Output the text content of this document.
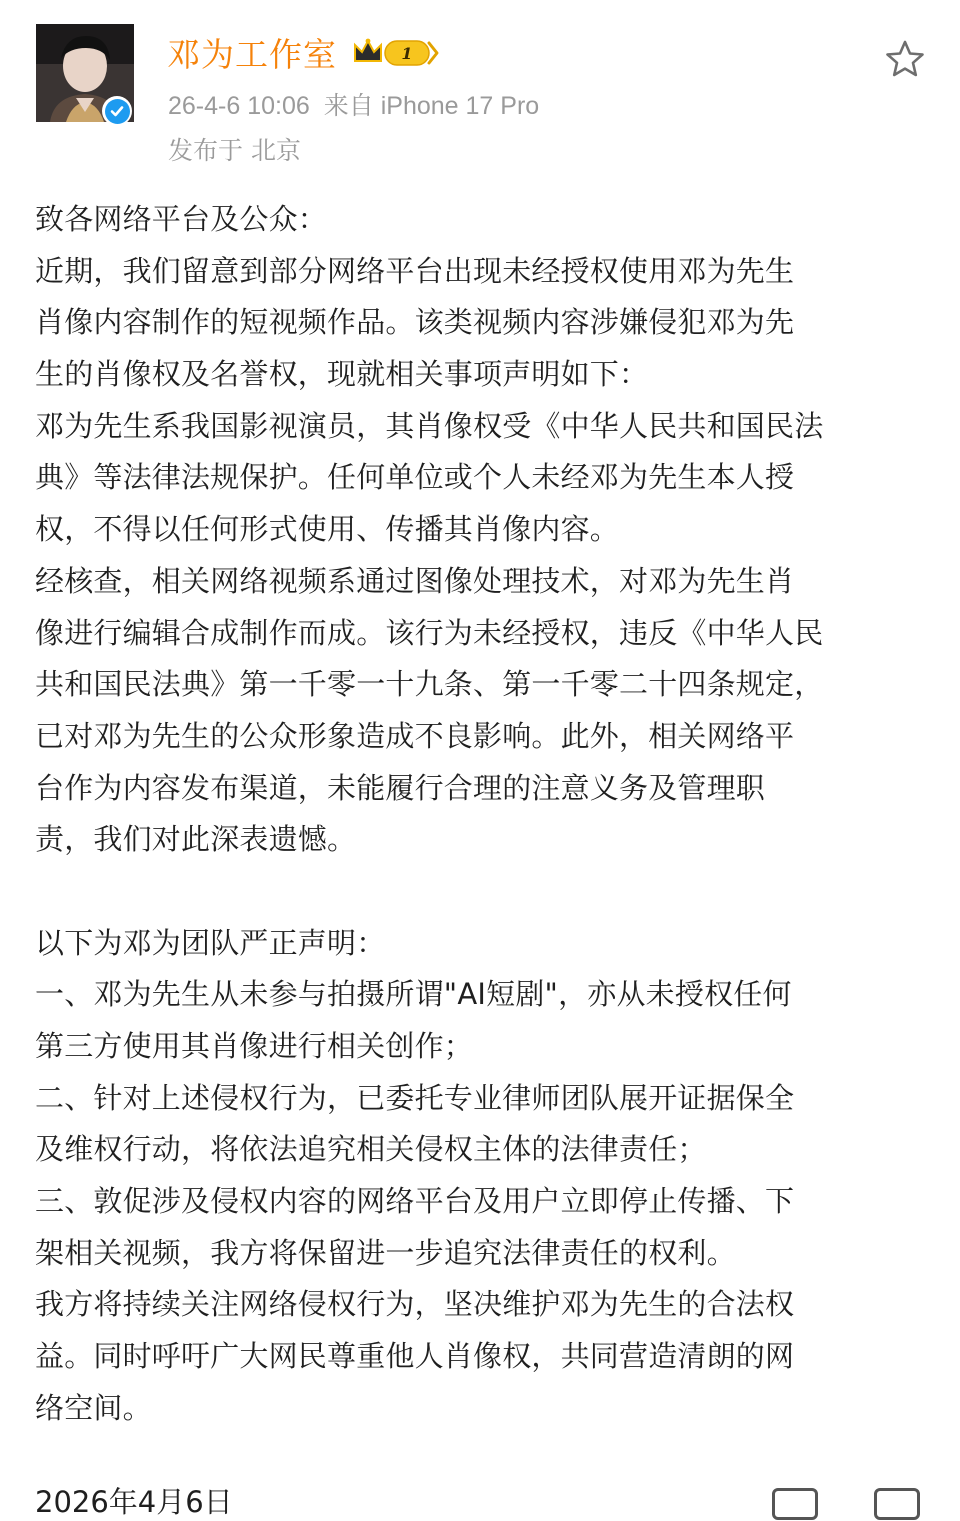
邓为工作室	1
26-4-6 10:06 来自 iPhone 17 Pro
发布于 北京
致各网络平台及公众：
近期，我们留意到部分网络平台出现未经授权使用邓为先生
肖像内容制作的短视频作品。该类视频内容涉嫌侵犯邓为先
生的肖像权及名誉权，现就相关事项声明如下：
邓为先生系我国影视演员，其肖像权受《中华人民共和国民法
典》等法律法规保护。任何单位或个人未经邓为先生本人授
权，不得以任何形式使用、传播其肖像内容。
经核查，相关网络视频系通过图像处理技术，对邓为先生肖
像进行编辑合成制作而成。该行为未经授权，违反《中华人民
共和国民法典》第一千零一十九条、第一千零二十四条规定，
已对邓为先生的公众形象造成不良影响。此外，相关网络平
台作为内容发布渠道，未能履行合理的注意义务及管理职
责，我们对此深表遗憾。
以下为邓为团队严正声明：
一、邓为先生从未参与拍摄所谓"AI短剧"，亦从未授权任何
第三方使用其肖像进行相关创作；
二、针对上述侵权行为，已委托专业律师团队展开证据保全
及维权行动，将依法追究相关侵权主体的法律责任；
三、敦促涉及侵权内容的网络平台及用户立即停止传播、下
架相关视频，我方将保留进一步追究法律责任的权利。
我方将持续关注网络侵权行为，坚决维护邓为先生的合法权
益。同时呼吁广大网民尊重他人肖像权，共同营造清朗的网
络空间。
2026年4月6日
